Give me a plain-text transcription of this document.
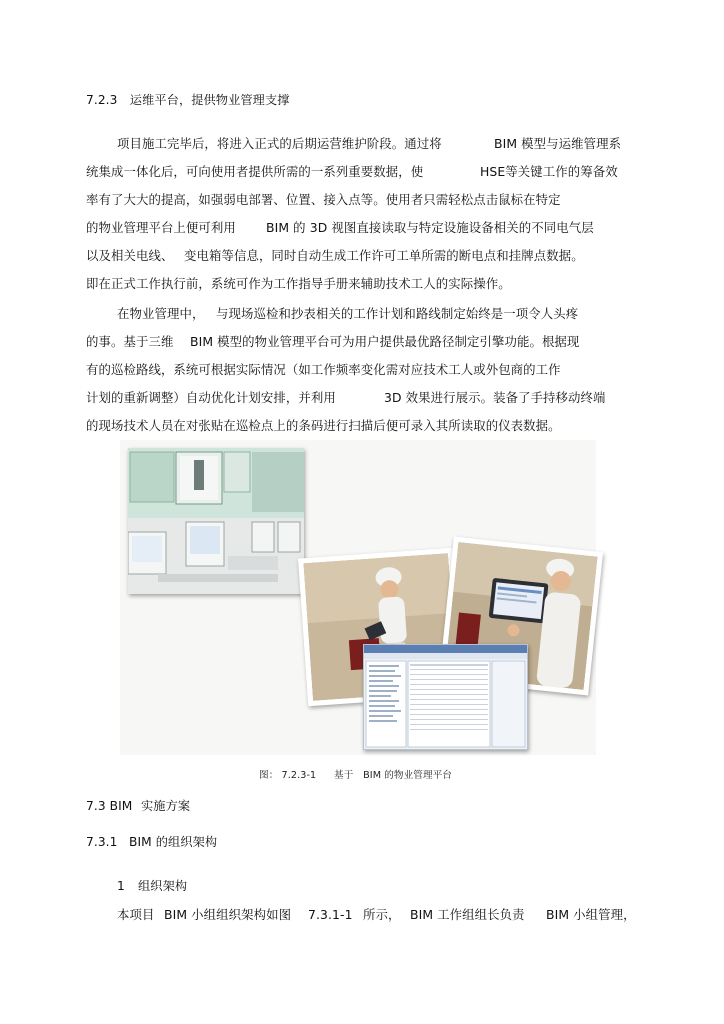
7.2.3　运维平台，提供物业管理支撑
项目施工完毕后，将进入正式的后期运营维护阶段。通过将	BIM 模型与运维管理系
统集成一体化后，可向使用者提供所需的一系列重要数据，使	HSE等关键工作的筹备效
率有了大大的提高，如强弱电部署、位置、接入点等。使用者只需轻松点击鼠标在特定
的物业管理平台上便可利用 BIM 的 3D 视图直接读取与特定设施设备相关的不同电气层
以及相关电线、 变电箱等信息，同时自动生成工作许可工单所需的断电点和挂牌点数据。
即在正式工作执行前，系统可作为工作指导手册来辅助技术工人的实际操作。
在物业管理中， 与现场巡检和抄表相关的工作计划和路线制定始终是一项令人头疼
的事。基于三维 BIM 模型的物业管理平台可为用户提供最优路径制定引擎功能。根据现
有的巡检路线，系统可根据实际情况（如工作频率变化需对应技术工人或外包商的工作
计划的重新调整）自动优化计划安排，并利用	3D 效果进行展示。装备了手持移动终端
的现场技术人员在对张贴在巡检点上的条码进行扫描后便可录入其所读取的仪表数据。
图： 7.2.3-1 基于　BIM 的物业管理平台
7.3 BIM 实施方案
7.3.1 BIM 的组织架构
1 组织架构
本项目 BIM 小组组织架构如图 7.3.1-1 所示， BIM 工作组组长负责 BIM 小组管理，
